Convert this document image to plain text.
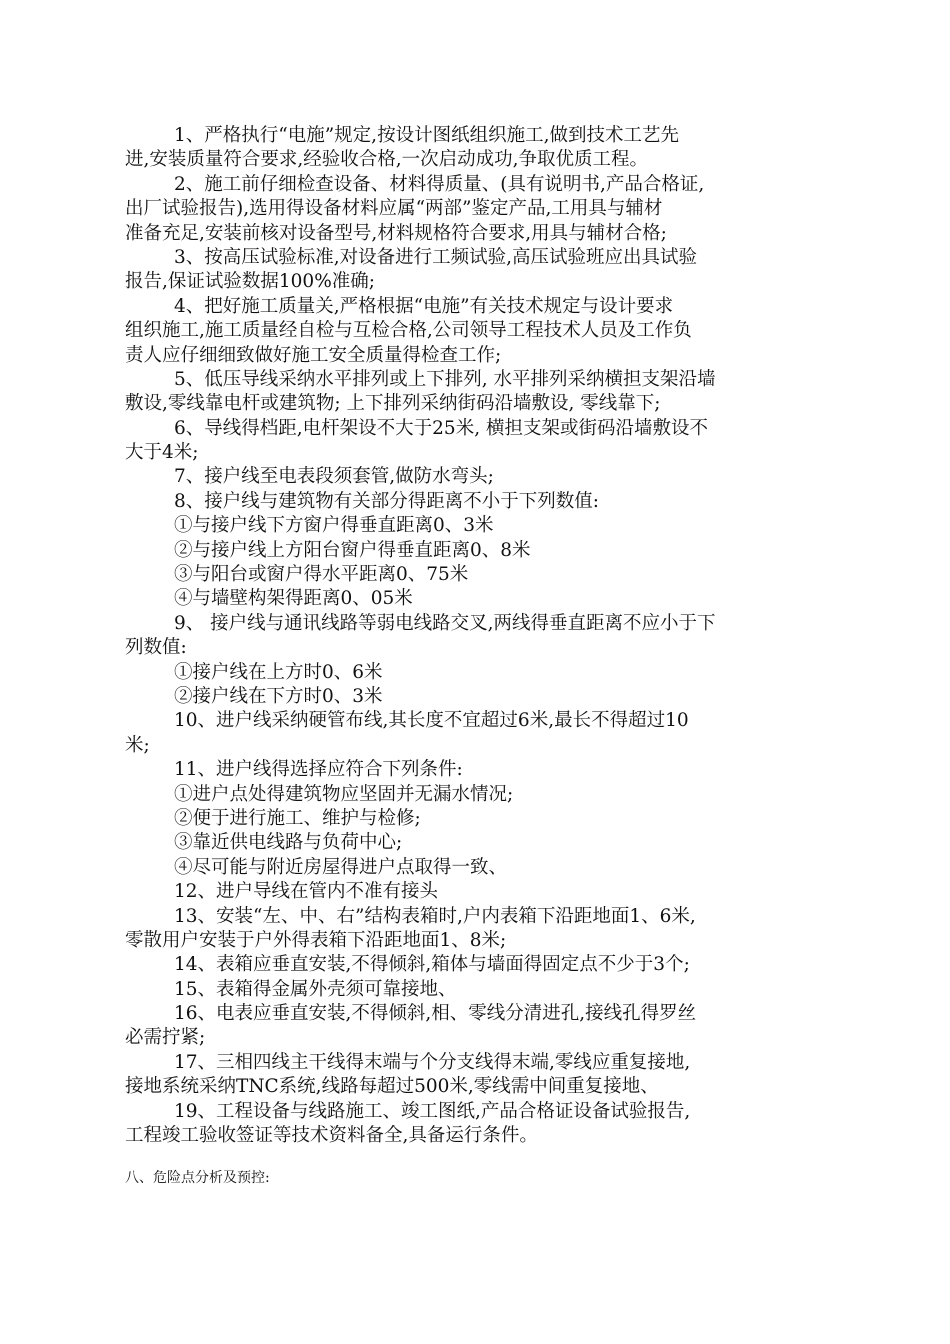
1、严格执行“电施”规定,按设计图纸组织施工,做到技术工艺先
进,安装质量符合要求,经验收合格,一次启动成功,争取优质工程。
2、施工前仔细检查设备、材料得质量、(具有说明书,产品合格证,
出厂试验报告),选用得设备材料应属“两部”鉴定产品,工用具与辅材
准备充足,安装前核对设备型号,材料规格符合要求,用具与辅材合格;
3、按高压试验标准,对设备进行工频试验,高压试验班应出具试验
报告,保证试验数据100%准确;
4、把好施工质量关,严格根据“电施”有关技术规定与设计要求
组织施工,施工质量经自检与互检合格,公司领导工程技术人员及工作负
责人应仔细细致做好施工安全质量得检查工作;
5、低压导线采纳水平排列或上下排列, 水平排列采纳横担支架沿墙
敷设,零线靠电杆或建筑物; 上下排列采纳街码沿墙敷设, 零线靠下;
6、导线得档距,电杆架设不大于25米, 横担支架或街码沿墙敷设不
大于4米;
7、接户线至电表段须套管,做防水弯头;
8、接户线与建筑物有关部分得距离不小于下列数值:
①与接户线下方窗户得垂直距离0、3米
②与接户线上方阳台窗户得垂直距离0、8米
③与阳台或窗户得水平距离0、75米
④与墙壁构架得距离0、05米
9、 接户线与通讯线路等弱电线路交叉,两线得垂直距离不应小于下
列数值:
①接户线在上方时0、6米
②接户线在下方时0、3米
10、进户线采纳硬管布线,其长度不宜超过6米,最长不得超过10
米;
11、进户线得选择应符合下列条件:
①进户点处得建筑物应坚固并无漏水情况;
②便于进行施工、维护与检修;
③靠近供电线路与负荷中心;
④尽可能与附近房屋得进户点取得一致、
12、进户导线在管内不准有接头
13、安装“左、中、右”结构表箱时,户内表箱下沿距地面1、6米,
零散用户安装于户外得表箱下沿距地面1、8米;
14、表箱应垂直安装,不得倾斜,箱体与墙面得固定点不少于3个;
15、表箱得金属外壳须可靠接地、
16、电表应垂直安装,不得倾斜,相、零线分清进孔,接线孔得罗丝
必需拧紧;
17、三相四线主干线得末端与个分支线得末端,零线应重复接地,
接地系统采纳TNC系统,线路每超过500米,零线需中间重复接地、
19、工程设备与线路施工、竣工图纸,产品合格证设备试验报告,
工程竣工验收签证等技术资料备全,具备运行条件。
八、危险点分析及预控:
